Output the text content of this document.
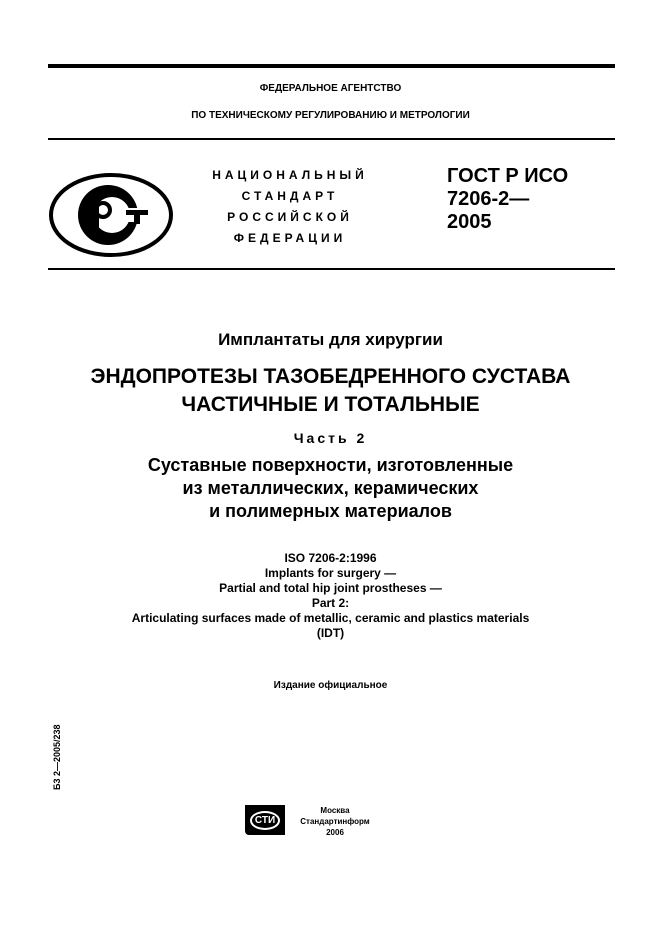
ФЕДЕРАЛЬНОЕ АГЕНТСТВО
ПО ТЕХНИЧЕСКОМУ РЕГУЛИРОВАНИЮ И МЕТРОЛОГИИ
НАЦИОНАЛЬНЫЙ
СТАНДАРТ
РОССИЙСКОЙ
ФЕДЕРАЦИИ
ГОСТ Р ИСО
7206-2—
2005
Имплантаты для хирургии
ЭНДОПРОТЕЗЫ ТАЗОБЕДРЕННОГО СУСТАВА
ЧАСТИЧНЫЕ И ТОТАЛЬНЫЕ
Часть 2
Суставные поверхности, изготовленные
из металлических, керамических
и полимерных материалов
ISO 7206-2:1996
Implants for surgery —
Partial and total hip joint prostheses —
Part 2:
Articulating surfaces made of metallic, ceramic and plastics materials
(IDT)
Издание официальное
Б3 2—2005/238
СТИ
Москва
Стандартинформ
2006
